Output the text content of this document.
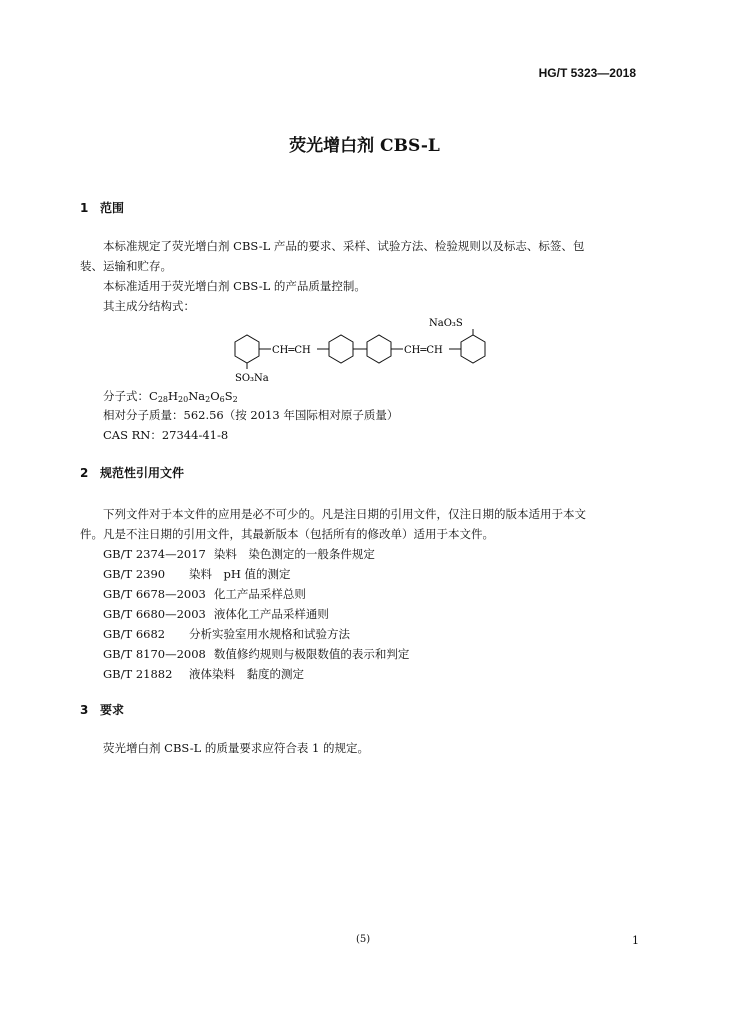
HG/T 5323—2018
荧光增白剂 CBS-L
1 范围
本标准规定了荧光增白剂 CBS-L 产品的要求、采样、试验方法、检验规则以及标志、标签、包
装、运输和贮存。
本标准适用于荧光增白剂 CBS-L 的产品质量控制。
其主成分结构式：
CH═CH	CH═CH
NaO₃S
SO₃Na
分子式：$C_{28}H_{20}Na_2O_6S_2$
相对分子质量：562.56（按 2013 年国际相对原子质量）
CAS RN：27344-41-8
2 规范性引用文件
下列文件对于本文件的应用是必不可少的。凡是注日期的引用文件，仅注日期的版本适用于本文
件。凡是不注日期的引用文件，其最新版本（包括所有的修改单）适用于本文件。
GB/T 2374—2017 染料　染色测定的一般条件规定
GB/T 2390 染料　pH 值的测定
GB/T 6678—2003 化工产品采样总则
GB/T 6680—2003 液体化工产品采样通则
GB/T 6682 分析实验室用水规格和试验方法
GB/T 8170—2008 数值修约规则与极限数值的表示和判定
GB/T 21882 液体染料　黏度的测定
3 要求
荧光增白剂 CBS-L 的质量要求应符合表 1 的规定。
(5)	1
